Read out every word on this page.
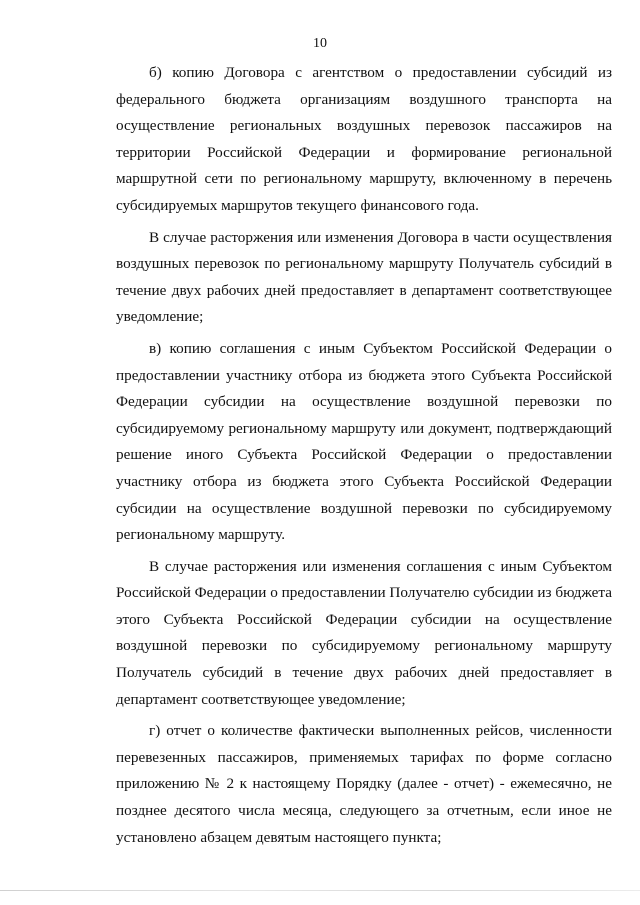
10

б) копию Договора с агентством о предоставлении субсидий из федерального бюджета организациям воздушного транспорта на осуществление региональных воздушных перевозок пассажиров на территории Российской Федерации и формирование региональной маршрутной сети по региональному маршруту, включенному в перечень субсидируемых маршрутов текущего финансового года.

В случае расторжения или изменения Договора в части осуществления воздушных перевозок по региональному маршруту Получатель субсидий в течение двух рабочих дней предоставляет в департамент соответствующее уведомление;

в) копию соглашения с иным Субъектом Российской Федерации о предоставлении участнику отбора из бюджета этого Субъекта Российской Федерации субсидии на осуществление воздушной перевозки по субсидируемому региональному маршруту или документ, подтверждающий решение иного Субъекта Российской Федерации о предоставлении участнику отбора из бюджета этого Субъекта Российской Федерации субсидии на осуществление воздушной перевозки по субсидируемому региональному маршруту.

В случае расторжения или изменения соглашения с иным Субъектом Российской Федерации о предоставлении Получателю субсидии из бюджета этого Субъекта Российской Федерации субсидии на осуществление воздушной перевозки по субсидируемому региональному маршруту Получатель субсидий в течение двух рабочих дней предоставляет в департамент соответствующее уведомление;

г) отчет о количестве фактически выполненных рейсов, численности перевезенных пассажиров, применяемых тарифах по форме согласно приложению № 2 к настоящему Порядку (далее - отчет) - ежемесячно, не позднее десятого числа месяца, следующего за отчетным, если иное не установлено абзацем девятым настоящего пункта;
